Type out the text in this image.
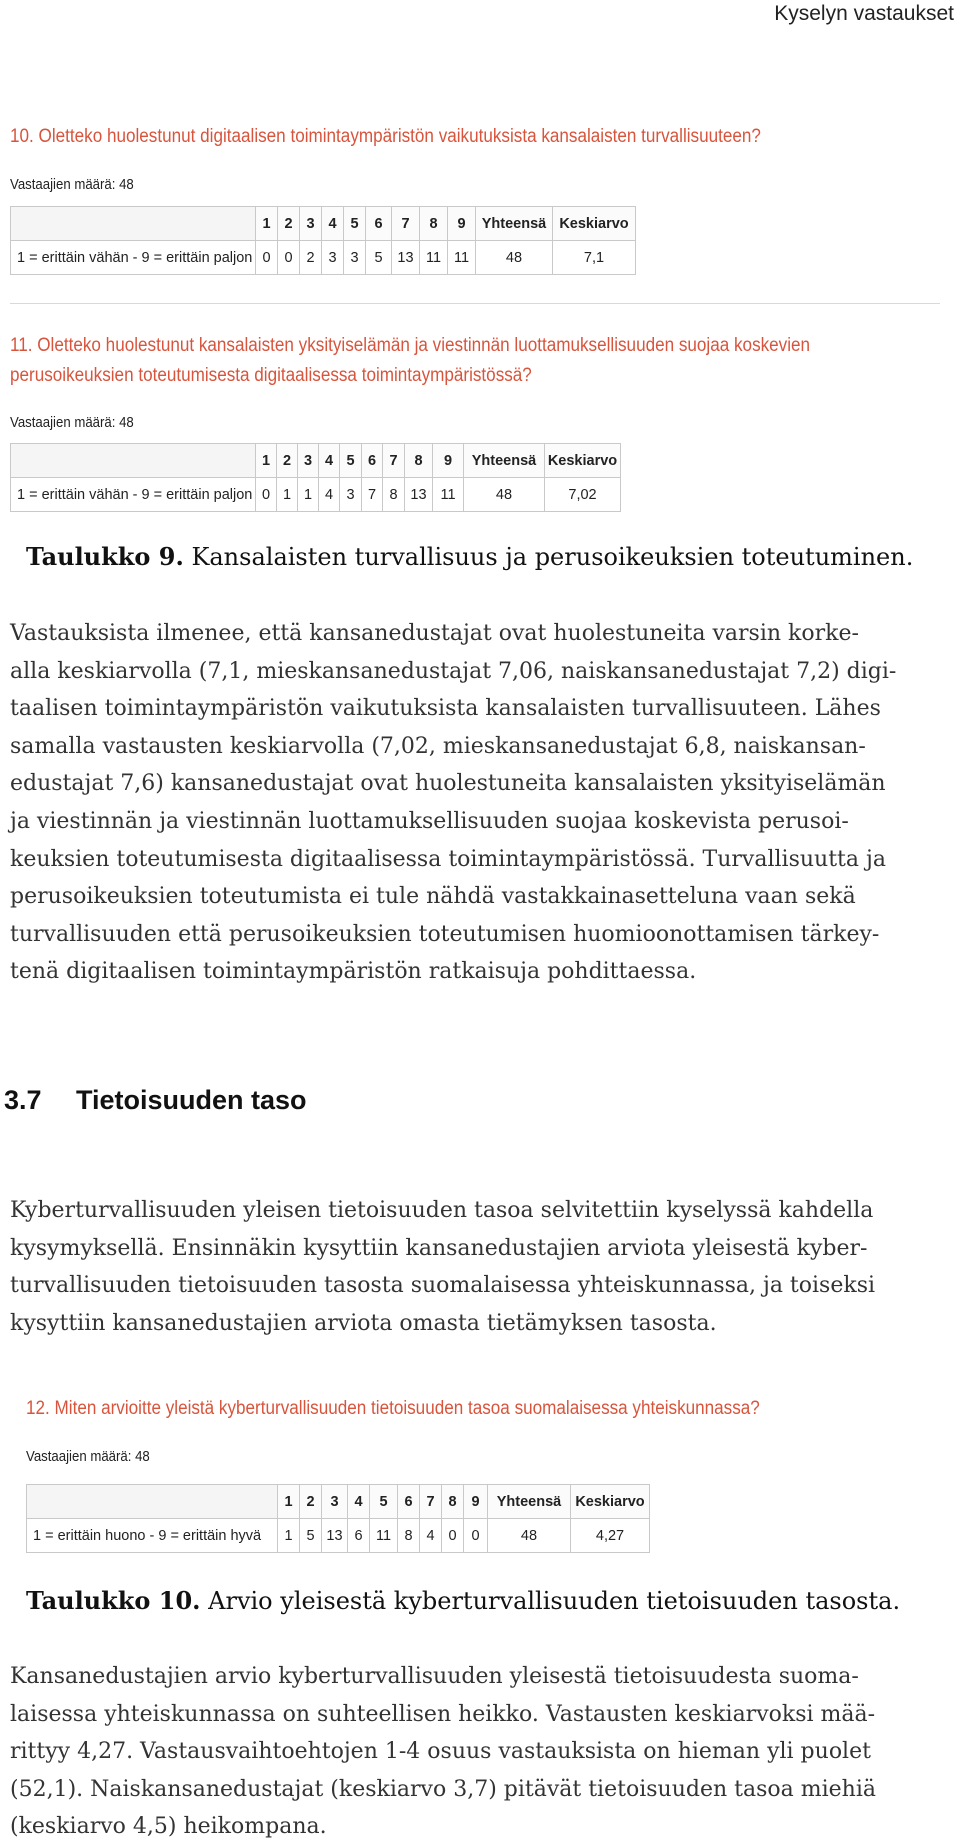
Kyselyn vastaukset
10. Oletteko huolestunut digitaalisen toimintaympäristön vaikutuksista kansalaisten turvallisuuteen?
Vastaajien määrä: 48
	1	2	3	4	5	6	7	8	9	Yhteensä	Keskiarvo
1 = erittäin vähän - 9 = erittäin paljon	0	0	2	3	3	5	13	11	11	48	7,1
11. Oletteko huolestunut kansalaisten yksityiselämän ja viestinnän luottamuksellisuuden suojaa koskevien
perusoikeuksien toteutumisesta digitaalisessa toimintaympäristössä?
Vastaajien määrä: 48
	1	2	3	4	5	6	7	8	9	Yhteensä	Keskiarvo
1 = erittäin vähän - 9 = erittäin paljon	0	1	1	4	3	7	8	13	11	48	7,02
Taulukko 9. Kansalaisten turvallisuus ja perusoikeuksien toteutuminen.
Vastauksista ilmenee, että kansanedustajat ovat huolestuneita varsin korke-
alla keskiarvolla (7,1, mieskansanedustajat 7,06, naiskansanedustajat 7,2) digi-
taalisen toimintaympäristön vaikutuksista kansalaisten turvallisuuteen. Lähes
samalla vastausten keskiarvolla (7,02, mieskansanedustajat 6,8, naiskansan-
edustajat 7,6) kansanedustajat ovat huolestuneita kansalaisten yksityiselämän
ja viestinnän ja viestinnän luottamuksellisuuden suojaa koskevista perusoi-
keuksien toteutumisesta digitaalisessa toimintaympäristössä. Turvallisuutta ja
perusoikeuksien toteutumista ei tule nähdä vastakkainasetteluna vaan sekä
turvallisuuden että perusoikeuksien toteutumisen huomioonottamisen tärkey-
tenä digitaalisen toimintaympäristön ratkaisuja pohdittaessa.
3.7 Tietoisuuden taso
Kyberturvallisuuden yleisen tietoisuuden tasoa selvitettiin kyselyssä kahdella
kysymyksellä. Ensinnäkin kysyttiin kansanedustajien arviota yleisestä kyber-
turvallisuuden tietoisuuden tasosta suomalaisessa yhteiskunnassa, ja toiseksi
kysyttiin kansanedustajien arviota omasta tietämyksen tasosta.
12. Miten arvioitte yleistä kyberturvallisuuden tietoisuuden tasoa suomalaisessa yhteiskunnassa?
Vastaajien määrä: 48
	1	2	3	4	5	6	7	8	9	Yhteensä	Keskiarvo
1 = erittäin huono - 9 = erittäin hyvä	1	5	13	6	11	8	4	0	0	48	4,27
Taulukko 10. Arvio yleisestä kyberturvallisuuden tietoisuuden tasosta.
Kansanedustajien arvio kyberturvallisuuden yleisestä tietoisuudesta suoma-
laisessa yhteiskunnassa on suhteellisen heikko. Vastausten keskiarvoksi mää-
rittyy 4,27. Vastausvaihtoehtojen 1-4 osuus vastauksista on hieman yli puolet
(52,1). Naiskansanedustajat (keskiarvo 3,7) pitävät tietoisuuden tasoa miehiä
(keskiarvo 4,5) heikompana.
